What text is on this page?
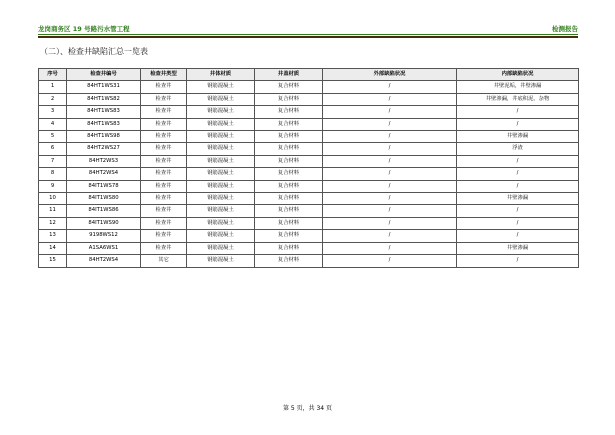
龙岗商务区 19 号路污水管工程	检测报告
（二）、检查井缺陷汇总一览表
序号	检查井编号	检查井类型	井体材质	井盖材质	外部缺陷状况	内部缺陷状况
1	84HT1WS31	检查井	钢筋混凝土	复合材料	/	井壁泥垢，井壁渗漏
2	84HT1WS82	检查井	钢筋混凝土	复合材料	/	井壁渗漏，井底积泥、杂物
3	84HT1WS83	检查井	钢筋混凝土	复合材料	/	/
4	84HT1WS83	检查井	钢筋混凝土	复合材料	/	/
5	84HT1WS98	检查井	钢筋混凝土	复合材料	/	井壁渗漏
6	84HT2WS27	检查井	钢筋混凝土	复合材料	/	浮渣
7	84HT2WS3	检查井	钢筋混凝土	复合材料	/	/
8	84HT2WS4	检查井	钢筋混凝土	复合材料	/	/
9	84IT1WS78	检查井	钢筋混凝土	复合材料	/	/
10	84IT1WS80	检查井	钢筋混凝土	复合材料	/	井壁渗漏
11	84IT1WS86	检查井	钢筋混凝土	复合材料	/	/
12	84IT1WS90	检查井	钢筋混凝土	复合材料	/	/
13	9198WS12	检查井	钢筋混凝土	复合材料	/	/
14	A1SA6WS1	检查井	钢筋混凝土	复合材料	/	井壁渗漏
15	84HT2WS4	其它	钢筋混凝土	复合材料	/	/
第 5 页，共 34 页
